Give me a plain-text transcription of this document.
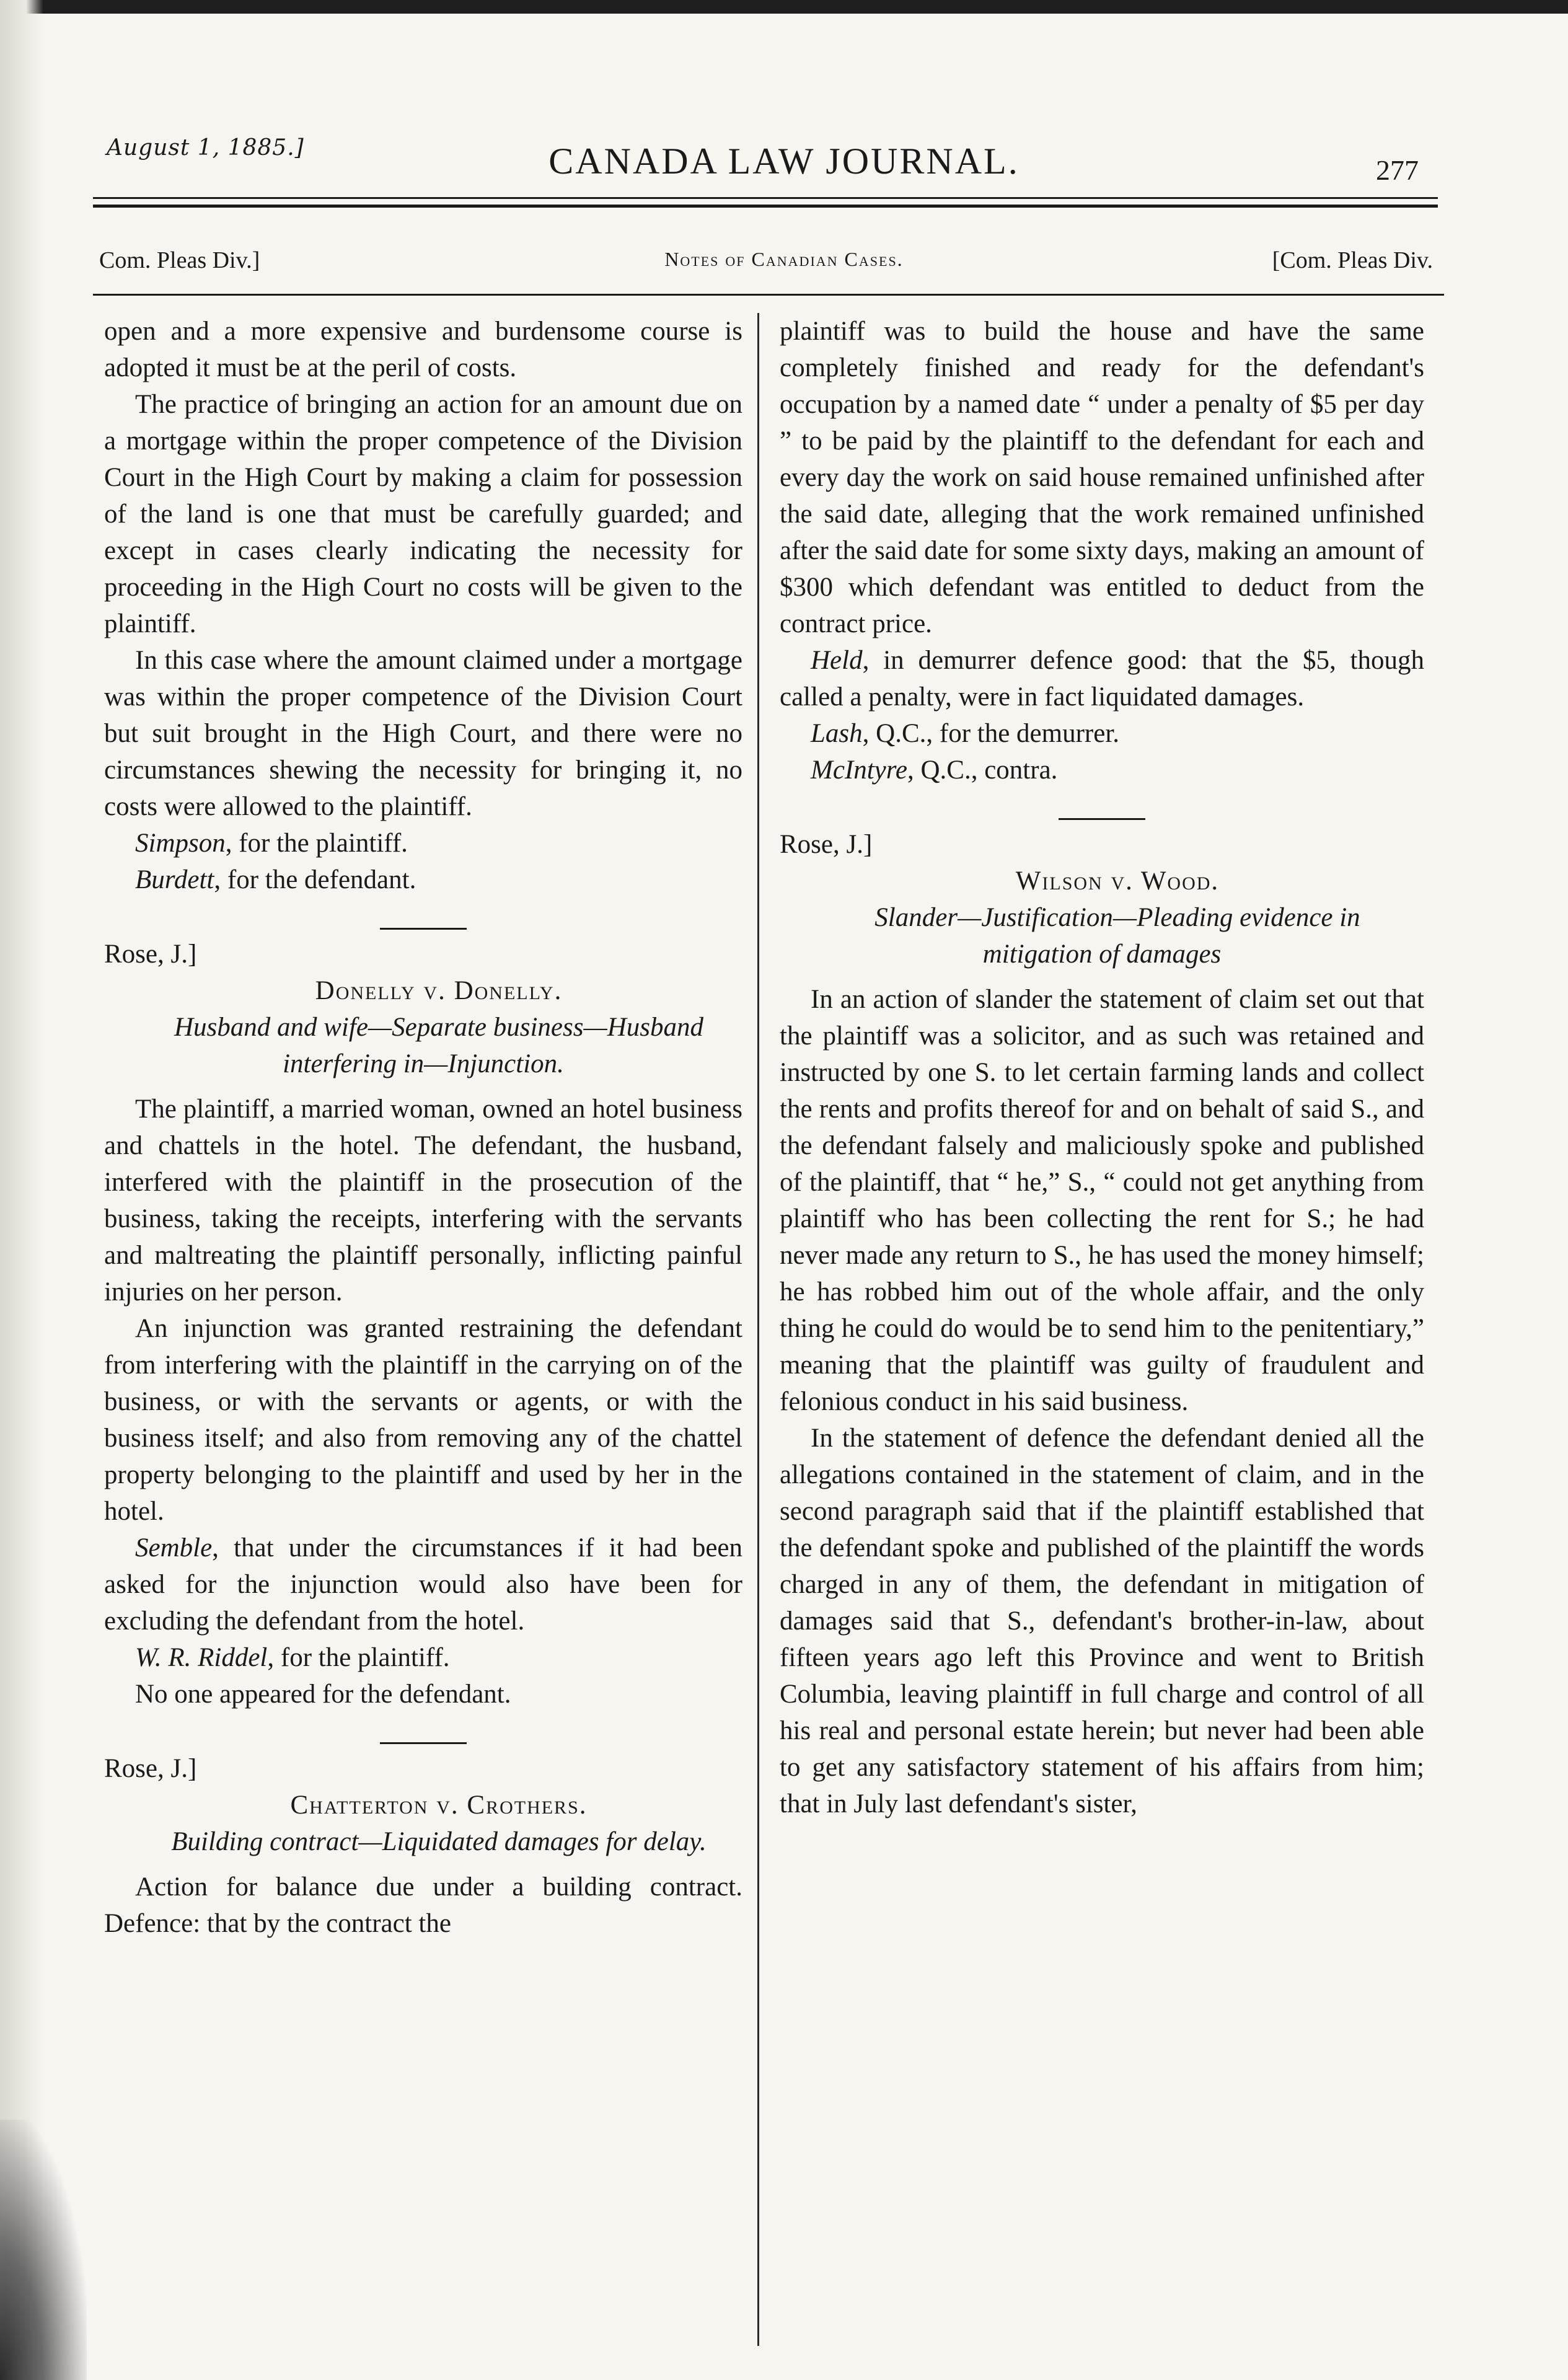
August 1, 1885.]	CANADA LAW JOURNAL.	277
Com. Pleas Div.]	Notes of Canadian Cases.	[Com. Pleas Div.

open and a more expensive and burdensome course is adopted it must be at the peril of costs.

The practice of bringing an action for an amount due on a mortgage within the proper competence of the Division Court in the High Court by making a claim for possession of the land is one that must be carefully guarded; and except in cases clearly indicating the necessity for proceeding in the High Court no costs will be given to the plaintiff.

In this case where the amount claimed under a mortgage was within the proper competence of the Division Court but suit brought in the High Court, and there were no circumstances shewing the necessity for bringing it, no costs were allowed to the plaintiff.

Simpson, for the plaintiff.

Burdett, for the defendant.

Rose, J.]

Donelly v. Donelly.

Husband and wife—Separate business—Husband interfering in—Injunction.

The plaintiff, a married woman, owned an hotel business and chattels in the hotel. The defendant, the husband, interfered with the plaintiff in the prosecution of the business, taking the receipts, interfering with the servants and maltreating the plaintiff personally, inflicting painful injuries on her person.

An injunction was granted restraining the defendant from interfering with the plaintiff in the carrying on of the business, or with the servants or agents, or with the business itself; and also from removing any of the chattel property belonging to the plaintiff and used by her in the hotel.

Semble, that under the circumstances if it had been asked for the injunction would also have been for excluding the defendant from the hotel.

W. R. Riddel, for the plaintiff.

No one appeared for the defendant.

Rose, J.]

Chatterton v. Crothers.

Building contract—Liquidated damages for delay.

Action for balance due under a building contract. Defence: that by the contract the

plaintiff was to build the house and have the same completely finished and ready for the defendant's occupation by a named date “ under a penalty of $5 per day ” to be paid by the plaintiff to the defendant for each and every day the work on said house remained unfinished after the said date, alleging that the work remained unfinished after the said date for some sixty days, making an amount of $300 which defendant was entitled to deduct from the contract price.

Held, in demurrer defence good: that the $5, though called a penalty, were in fact liquidated damages.

Lash, Q.C., for the demurrer.

McIntyre, Q.C., contra.

Rose, J.]

Wilson v. Wood.

Slander—Justification—Pleading evidence in mitigation of damages

In an action of slander the statement of claim set out that the plaintiff was a solicitor, and as such was retained and instructed by one S. to let certain farming lands and collect the rents and profits thereof for and on behalt of said S., and the defendant falsely and maliciously spoke and published of the plaintiff, that “ he,” S., “ could not get anything from plaintiff who has been collecting the rent for S.; he had never made any return to S., he has used the money himself; he has robbed him out of the whole affair, and the only thing he could do would be to send him to the penitentiary,” meaning that the plaintiff was guilty of fraudulent and felonious conduct in his said business.

In the statement of defence the defendant denied all the allegations contained in the statement of claim, and in the second paragraph said that if the plaintiff established that the defendant spoke and published of the plaintiff the words charged in any of them, the defendant in mitigation of damages said that S., defendant's brother-in-law, about fifteen years ago left this Province and went to British Columbia, leaving plaintiff in full charge and control of all his real and personal estate herein; but never had been able to get any satisfactory statement of his affairs from him; that in July last defendant's sister,
